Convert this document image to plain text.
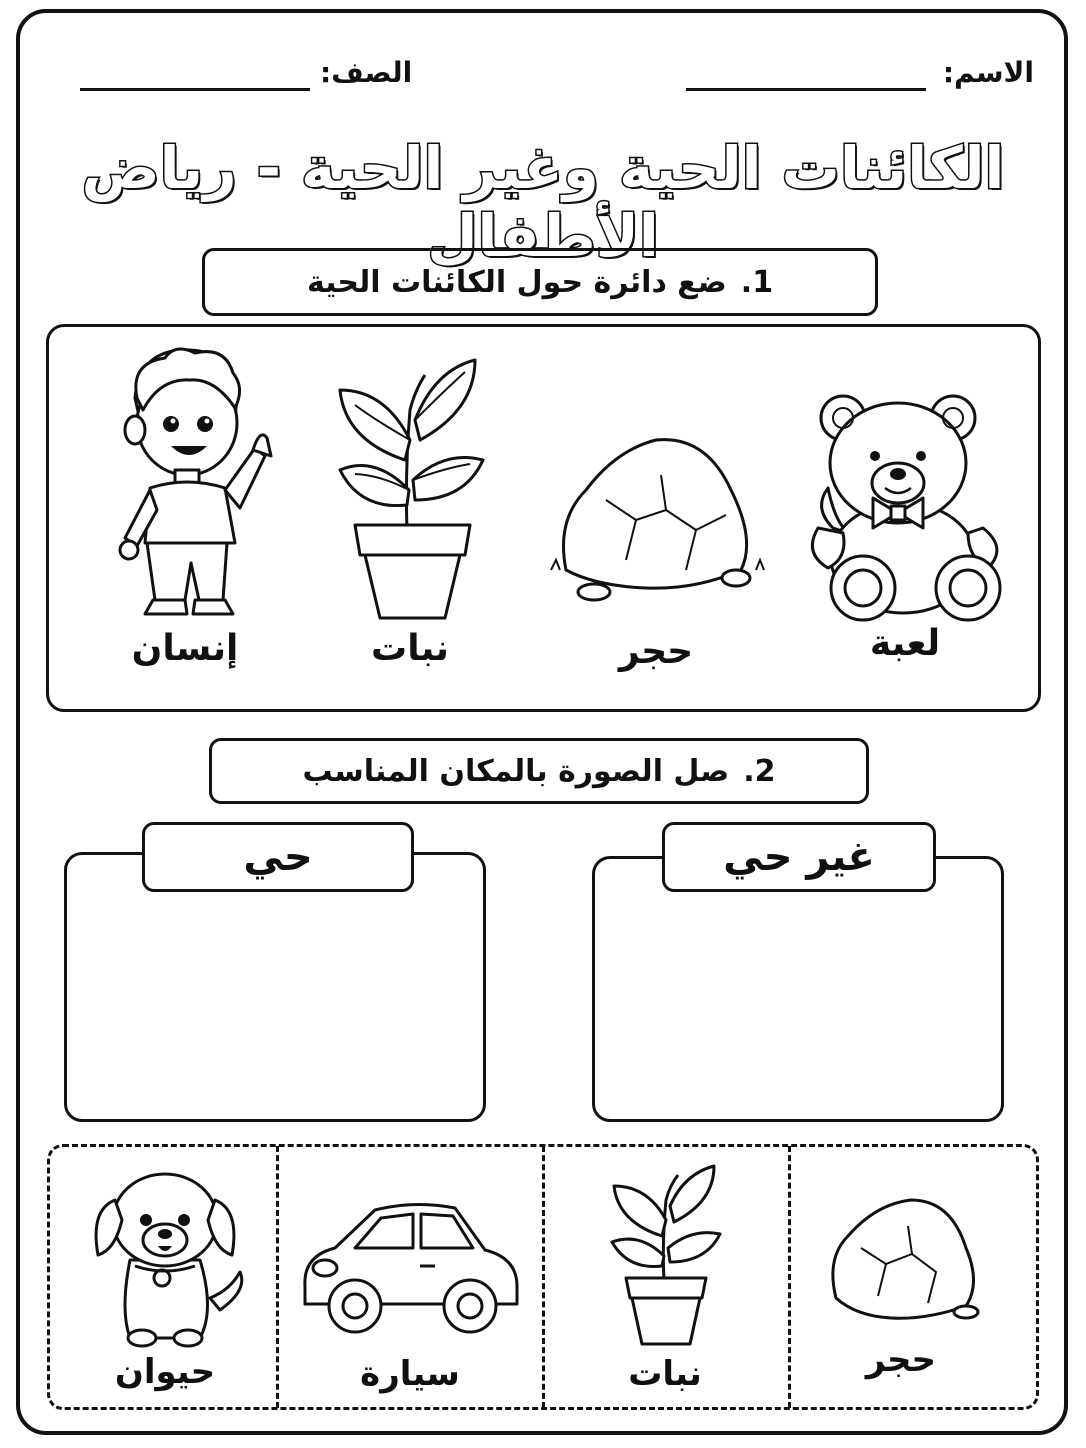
الاسم:
الصف:
الكائنات الحية وغير الحية - رياض الأطفال
1.
ضع دائرة حول الكائنات الحية
إنسان	نبات	حجر	لعبة
2.
صل الصورة بالمكان المناسب
حي	غير حي
حيوان	سيارة	نبات	حجر
